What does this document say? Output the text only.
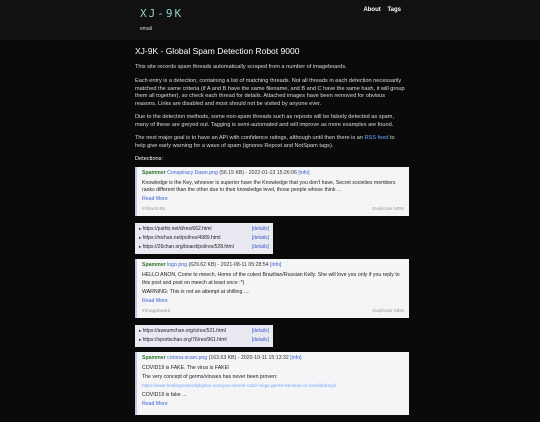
XJ-9K
email
About Tags
XJ-9K - Global Spam Detection Robot 9000

This site records spam threads automatically scraped from a number of imageboards.

Each entry is a detection, containing a list of matching threads. Not all threads in each detection necessarily matched the same criteria (if A and B have the same filename, and B and C have the same hash, it will group them all together), so check each thread for details. Attached images have been removed for obvious reasons. Links are disabled and most should not be visited by anyone ever.

Due to the detection methods, some non-spam threads such as reposts will be falsely detected as spam, many of these are greyed out. Tagging is semi-automated and will improve as more examples are found.

The next major goal is to have an API with confidence ratings, although until then there is an RSS feed to help give early warning for a wave of spam (ignores Repost and NotSpam tags).

Detections:
Spammer Conspiracy Dawn.png (56.15 KB) - 2022-01-13 15:26:06 [info]
Knowledge is the Key, whoever is superior have the Knowledge that you don't have, Secret societies members ranks different than the other due to their knowledge level, those people whose think ...
Read More
#ShortURL	Duplicate MD5
▸ https://pathb.net/d/res/662.html	[details]
▸ https://nichan.net/pol/res/4989.html	[details]
▸ https://26chan.org/board/pol/res/528.html	[details]
Spammer logo.png (629.62 KB) - 2021-08-11 05:28:54 [info]
HELLO ANON, Come to meech, Home of the cutest Brazilian/Russian Kelly. She will love you only if you reply to this post and post on meech at least once :*)
WARNING: This is not an attempt at shilling ....
Read More
#Imageboard	Duplicate MD5
▸ https://awsumchan.org/s/res/521.html	[details]
▸ https://sportschan.org/76/res/961.html	[details]
Spammer corona-scam.png (163.63 KB) - 2020-10-11 15:13:32 [info]
COVID19 is FAKE. The virus is FAKE!
The very concept of germs/viruses has never been proven:
https://www.healingnaturallybybee.com/you-cannot-catch-bugs-germs-bacteria-or-candidafungi/
COVID19 is fake ...
Read More
